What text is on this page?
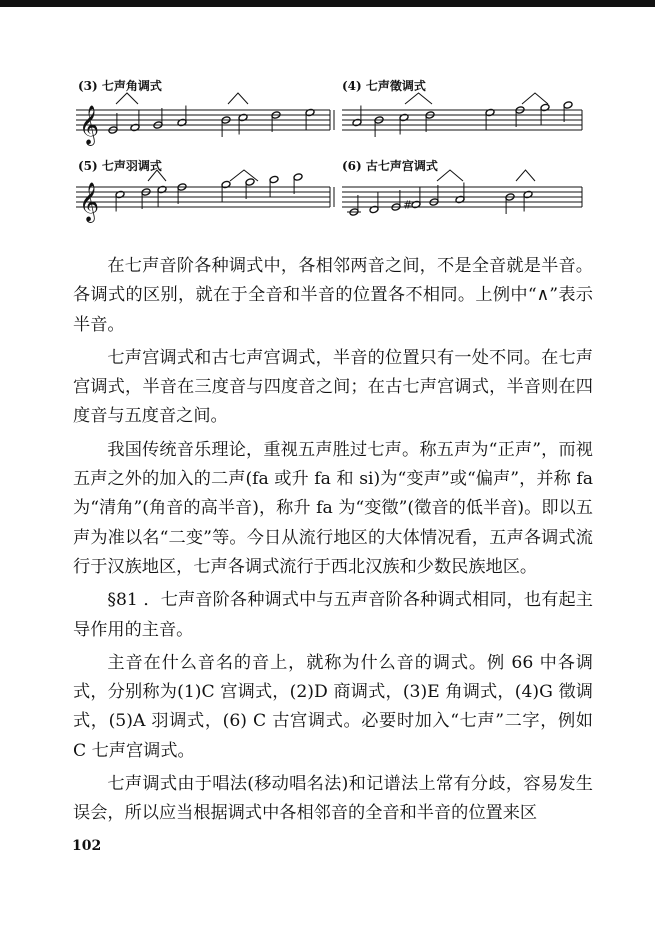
(3) 七声角调式	(4) 七声徵调式
(5) 七声羽调式	(6) 古七声宫调式
𝄞
𝄞	#

在七声音阶各种调式中，各相邻两音之间，不是全音就是半音。各调式的区别，就在于全音和半音的位置各不相同。上例中“∧”表示半音。

七声宫调式和古七声宫调式，半音的位置只有一处不同。在七声宫调式，半音在三度音与四度音之间；在古七声宫调式，半音则在四度音与五度音之间。

我国传统音乐理论，重视五声胜过七声。称五声为“正声”，而视五声之外的加入的二声(fa 或升 fa 和 si)为“变声”或“偏声”，并称 fa 为“清角”(角音的高半音)，称升 fa 为“变徵”(徵音的低半音)。即以五声为准以名“二变”等。今日从流行地区的大体情况看，五声各调式流行于汉族地区，七声各调式流行于西北汉族和少数民族地区。

§81 ．七声音阶各种调式中与五声音阶各种调式相同，也有起主导作用的主音。

主音在什么音名的音上，就称为什么音的调式。例 66 中各调式，分别称为(1)C 宫调式，(2)D 商调式，(3)E 角调式，(4)G 徵调式，(5)A 羽调式，(6) C 古宫调式。必要时加入“七声”二字，例如 C 七声宫调式。

七声调式由于唱法(移动唱名法)和记谱法上常有分歧，容易发生误会，所以应当根据调式中各相邻音的全音和半音的位置来区

102
